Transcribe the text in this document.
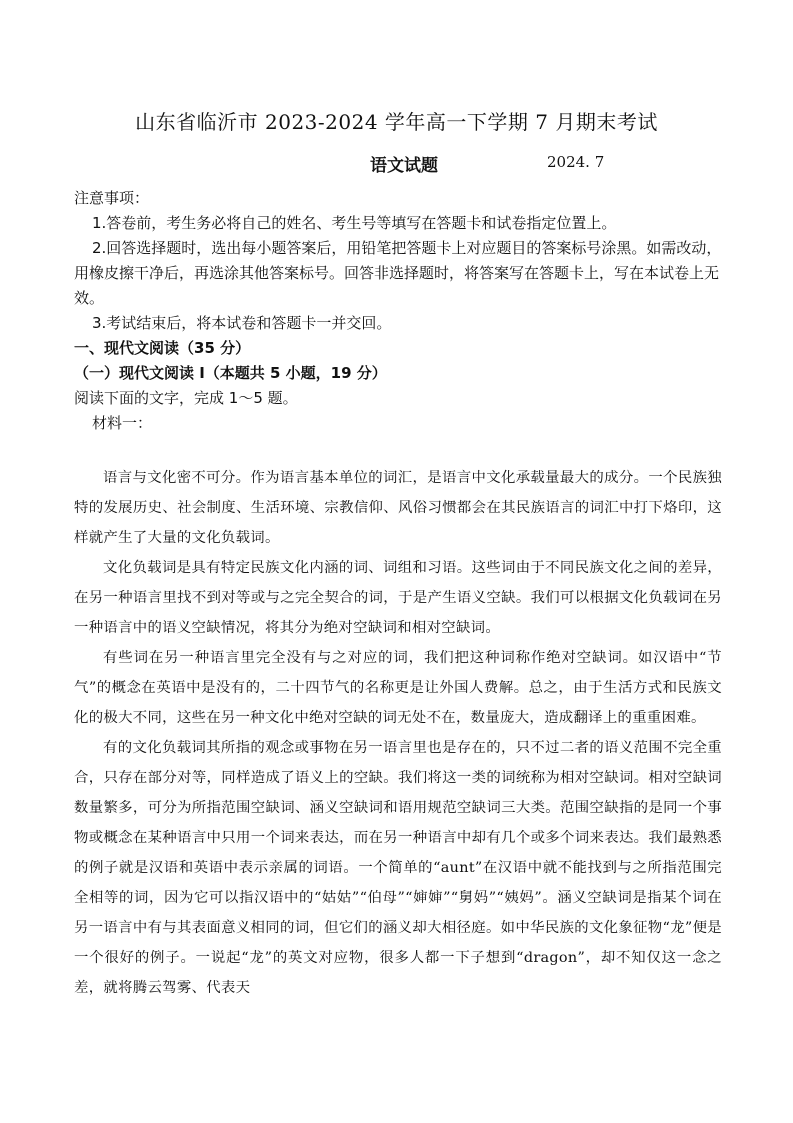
山东省临沂市 2023-2024 学年高一下学期 7 月期末考试
语文试题	2024. 7

注意事项：

1.答卷前，考生务必将自己的姓名、考生号等填写在答题卡和试卷指定位置上。

2.回答选择题时，选出每小题答案后，用铅笔把答题卡上对应题目的答案标号涂黑。如需改动，用橡皮擦干净后，再选涂其他答案标号。回答非选择题时，将答案写在答题卡上，写在本试卷上无效。

3.考试结束后，将本试卷和答题卡一并交回。

一、现代文阅读（35 分）

（一）现代文阅读 I（本题共 5 小题，19 分）

阅读下面的文字，完成 1～5 题。

材料一：

语言与文化密不可分。作为语言基本单位的词汇，是语言中文化承载量最大的成分。一个民族独特的发展历史、社会制度、生活环境、宗教信仰、风俗习惯都会在其民族语言的词汇中打下烙印，这样就产生了大量的文化负载词。

文化负载词是具有特定民族文化内涵的词、词组和习语。这些词由于不同民族文化之间的差异，在另一种语言里找不到对等或与之完全契合的词，于是产生语义空缺。我们可以根据文化负载词在另一种语言中的语义空缺情况，将其分为绝对空缺词和相对空缺词。

有些词在另一种语言里完全没有与之对应的词，我们把这种词称作绝对空缺词。如汉语中“节气”的概念在英语中是没有的，二十四节气的名称更是让外国人费解。总之，由于生活方式和民族文化的极大不同，这些在另一种文化中绝对空缺的词无处不在，数量庞大，造成翻译上的重重困难。

有的文化负载词其所指的观念或事物在另一语言里也是存在的，只不过二者的语义范围不完全重合，只存在部分对等，同样造成了语义上的空缺。我们将这一类的词统称为相对空缺词。相对空缺词数量繁多，可分为所指范围空缺词、涵义空缺词和语用规范空缺词三大类。范围空缺指的是同一个事物或概念在某种语言中只用一个词来表达，而在另一种语言中却有几个或多个词来表达。我们最熟悉的例子就是汉语和英语中表示亲属的词语。一个简单的“aunt”在汉语中就不能找到与之所指范围完全相等的词，因为它可以指汉语中的“姑姑”“伯母”“婶婶”“舅妈”“姨妈”。涵义空缺词是指某个词在另一语言中有与其表面意义相同的词，但它们的涵义却大相径庭。如中华民族的文化象征物“龙”便是一个很好的例子。一说起“龙”的英文对应物，很多人都一下子想到“dragon”，却不知仅这一念之差，就将腾云驾雾、代表天
